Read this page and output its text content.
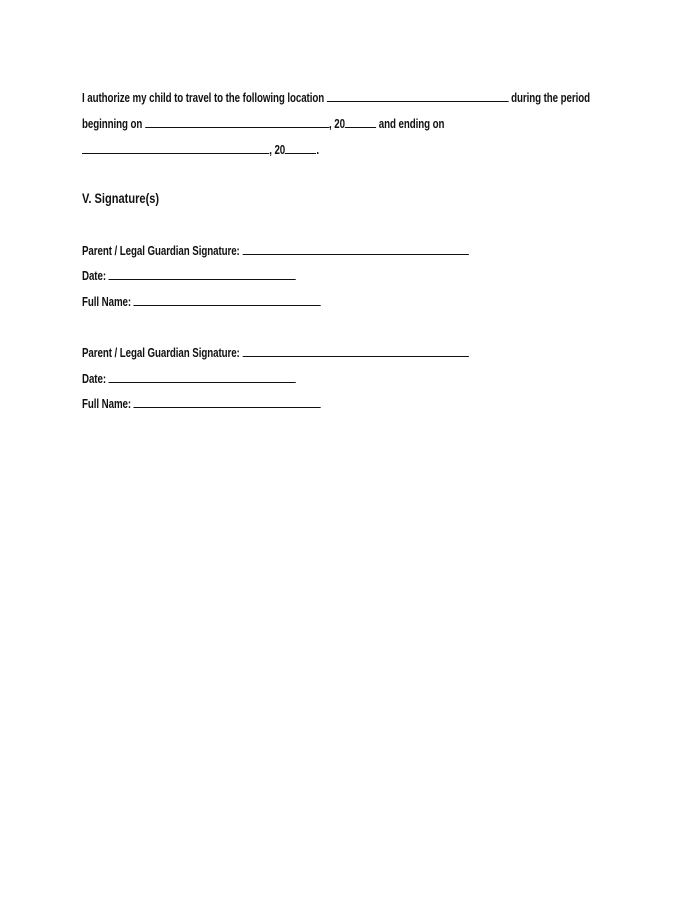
I authorize my child to travel to the following location	during the period
beginning on	, 20	and ending on
, 20 .
V. Signature(s)
Parent / Legal Guardian Signature:
Date:
Full Name:
Parent / Legal Guardian Signature:
Date:
Full Name:
